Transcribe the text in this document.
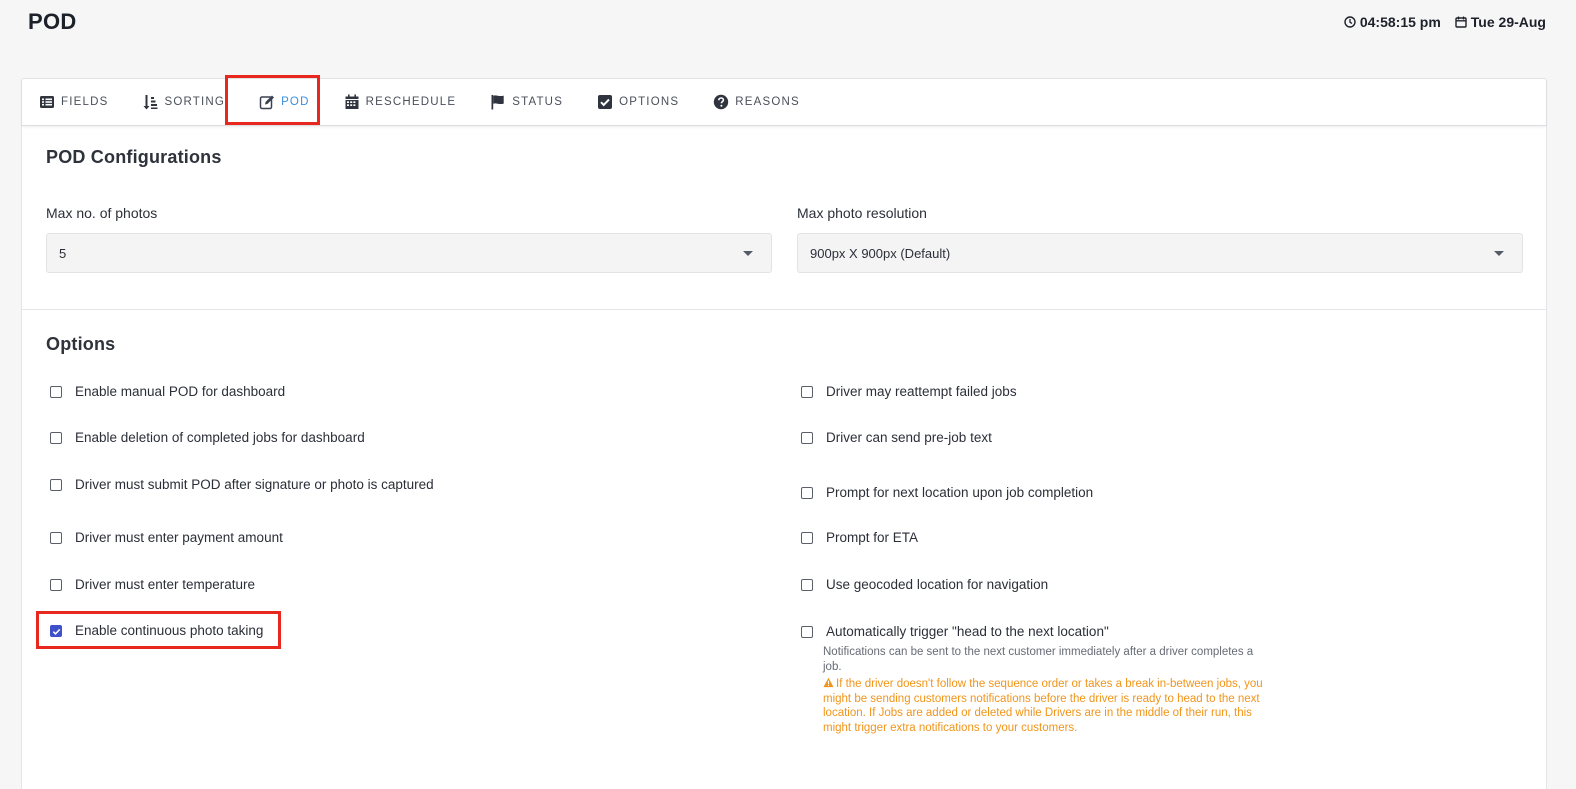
POD	04:58:15 pm Tue 29-Aug
FIELDS	SORTING	POD	RESCHEDULE	STATUS	OPTIONS	REASONS
POD Configurations
Max no. of photos
5
Max photo resolution
900px X 900px (Default)
Options
Enable manual POD for dashboard
Enable deletion of completed jobs for dashboard
Driver must submit POD after signature or photo is captured
Driver must enter payment amount
Driver must enter temperature
Enable continuous photo taking
Driver may reattempt failed jobs
Driver can send pre-job text
Prompt for next location upon job completion
Prompt for ETA
Use geocoded location for navigation
Automatically trigger "head to the next location"
Notifications can be sent to the next customer immediately after a driver completes a job.
If the driver doesn't follow the sequence order or takes a break in-between jobs, you might be sending customers notifications before the driver is ready to head to the next location. If Jobs are added or deleted while Drivers are in the middle of their run, this might trigger extra notifications to your customers.
